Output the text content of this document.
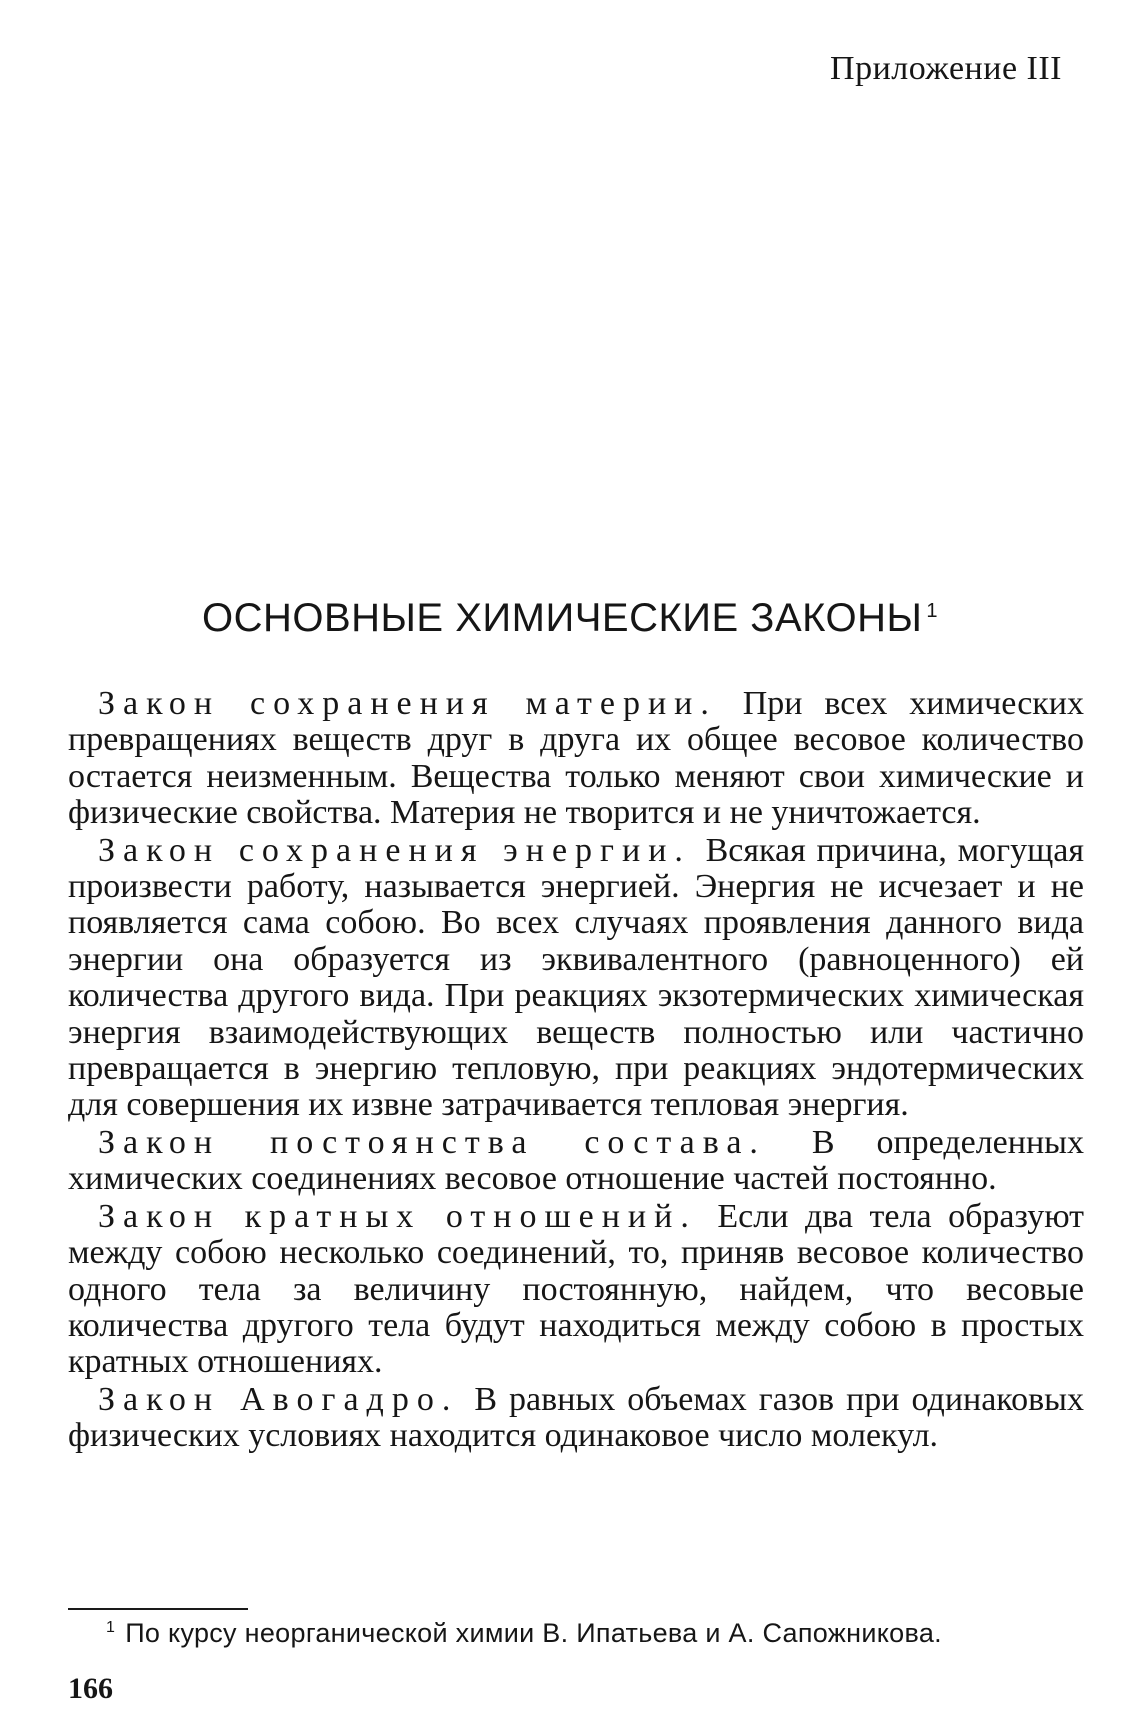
Приложение III
ОСНОВНЫЕ ХИМИЧЕСКИЕ ЗАКОНЫ $^1$

Закон сохранения материи. При всех химических превращениях веществ друг в друга их общее весовое количество остается неизменным. Вещества только меняют свои химические и физические свойства. Материя не творится и не уничтожается.

Закон сохранения энергии. Всякая причина, могущая произвести работу, называется энергией. Энергия не исчезает и не появляется сама собою. Во всех случаях проявления данного вида энергии она образуется из эквивалентного (равноценного) ей количества другого вида. При реакциях экзотермических химическая энергия взаимодействующих веществ полностью или частично превращается в энергию тепловую, при реакциях эндотермических для совершения их извне затрачивается тепловая энергия.

Закон постоянства состава. В определенных химических соединениях весовое отношение частей постоянно.

Закон кратных отношений. Если два тела образуют между собою несколько соединений, то, приняв весовое количество одного тела за величину постоянную, найдем, что весовые количества другого тела будут находиться между собою в простых кратных отношениях.

Закон Авогадро. В равных объемах газов при одинаковых физических условиях находится одинаковое число молекул.

$^1$ По курсу неорганической химии В. Ипатьева и А. Сапожникова.
166
